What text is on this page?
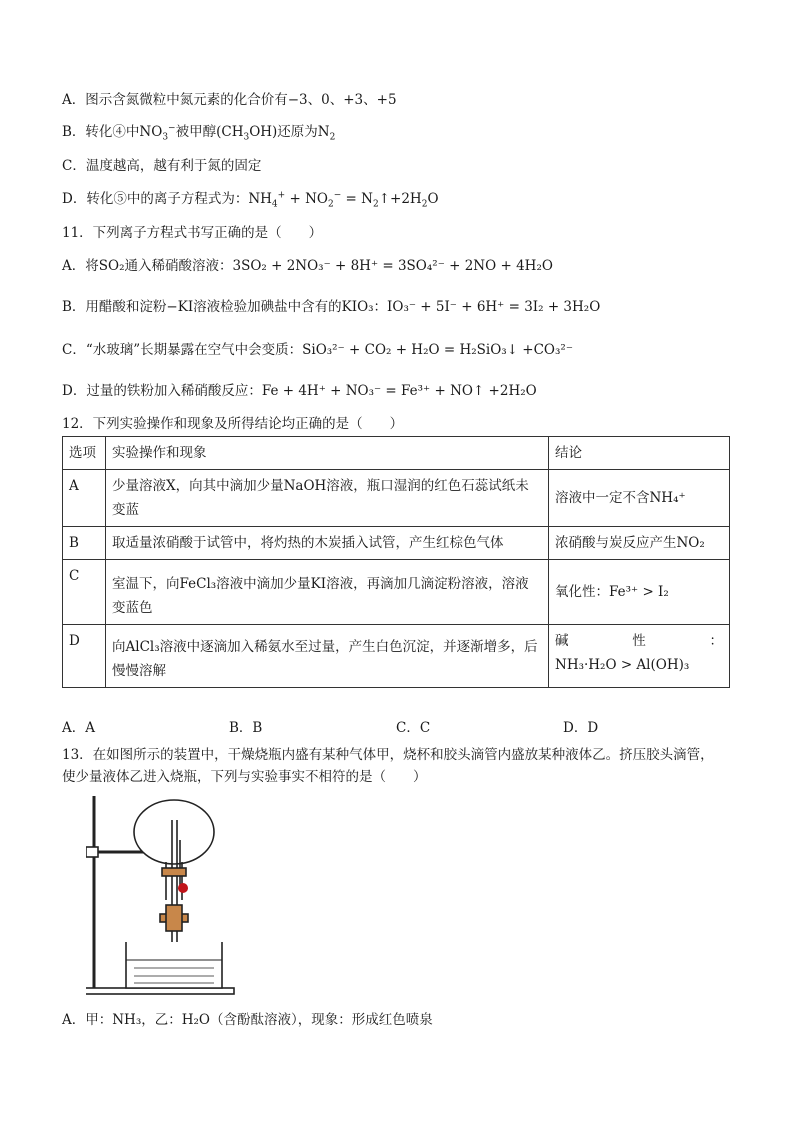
A．图示含氮微粒中氮元素的化合价有−3、0、+3、+5
B．转化④中$NO_3^-$被甲醇$(CH_3OH)$还原为$N_2$
C．温度越高，越有利于氮的固定
D．转化⑤中的离子方程式为：$NH_4^+ + NO_2^-$ = $N_2↑+2H_2O$
11．下列离子方程式书写正确的是（　　）
A．将SO₂通入稀硝酸溶液：3SO₂ + 2NO₃⁻ + 8H⁺ = 3SO₄²⁻ + 2NO + 4H₂O
B．用醋酸和淀粉−KI溶液检验加碘盐中含有的KIO₃：IO₃⁻ + 5I⁻ + 6H⁺ = 3I₂ + 3H₂O
C．“水玻璃”长期暴露在空气中会变质：SiO₃²⁻ + CO₂ + H₂O = H₂SiO₃↓ +CO₃²⁻
D．过量的铁粉加入稀硝酸反应：Fe + 4H⁺ + NO₃⁻ = Fe³⁺ + NO↑ +2H₂O
12．下列实验操作和现象及所得结论均正确的是（　　）
选项	实验操作和现象	结论
A	少量溶液X，向其中滴加少量NaOH溶液，瓶口湿润的红色石蕊试纸未变蓝	溶液中一定不含NH₄⁺
B	取适量浓硝酸于试管中，将灼热的木炭插入试管，产生红棕色气体	浓硝酸与炭反应产生NO₂
C	室温下，向FeCl₃溶液中滴加少量KI溶液，再滴加几滴淀粉溶液，溶液变蓝色	氧化性：Fe³⁺ > I₂
D	向AlCl₃溶液中逐滴加入稀氨水至过量，产生白色沉淀，并逐渐增多，后慢慢溶解	碱 性 ：
NH₃·H₂O > Al(OH)₃
A．A	B．B	C．C	D．D
13．在如图所示的装置中，干燥烧瓶内盛有某种气体甲，烧杯和胶头滴管内盛放某种液体乙。挤压胶头滴管，
使少量液体乙进入烧瓶，下列与实验事实不相符的是（　　）
A．甲：NH₃，乙：H₂O（含酚酞溶液），现象：形成红色喷泉
